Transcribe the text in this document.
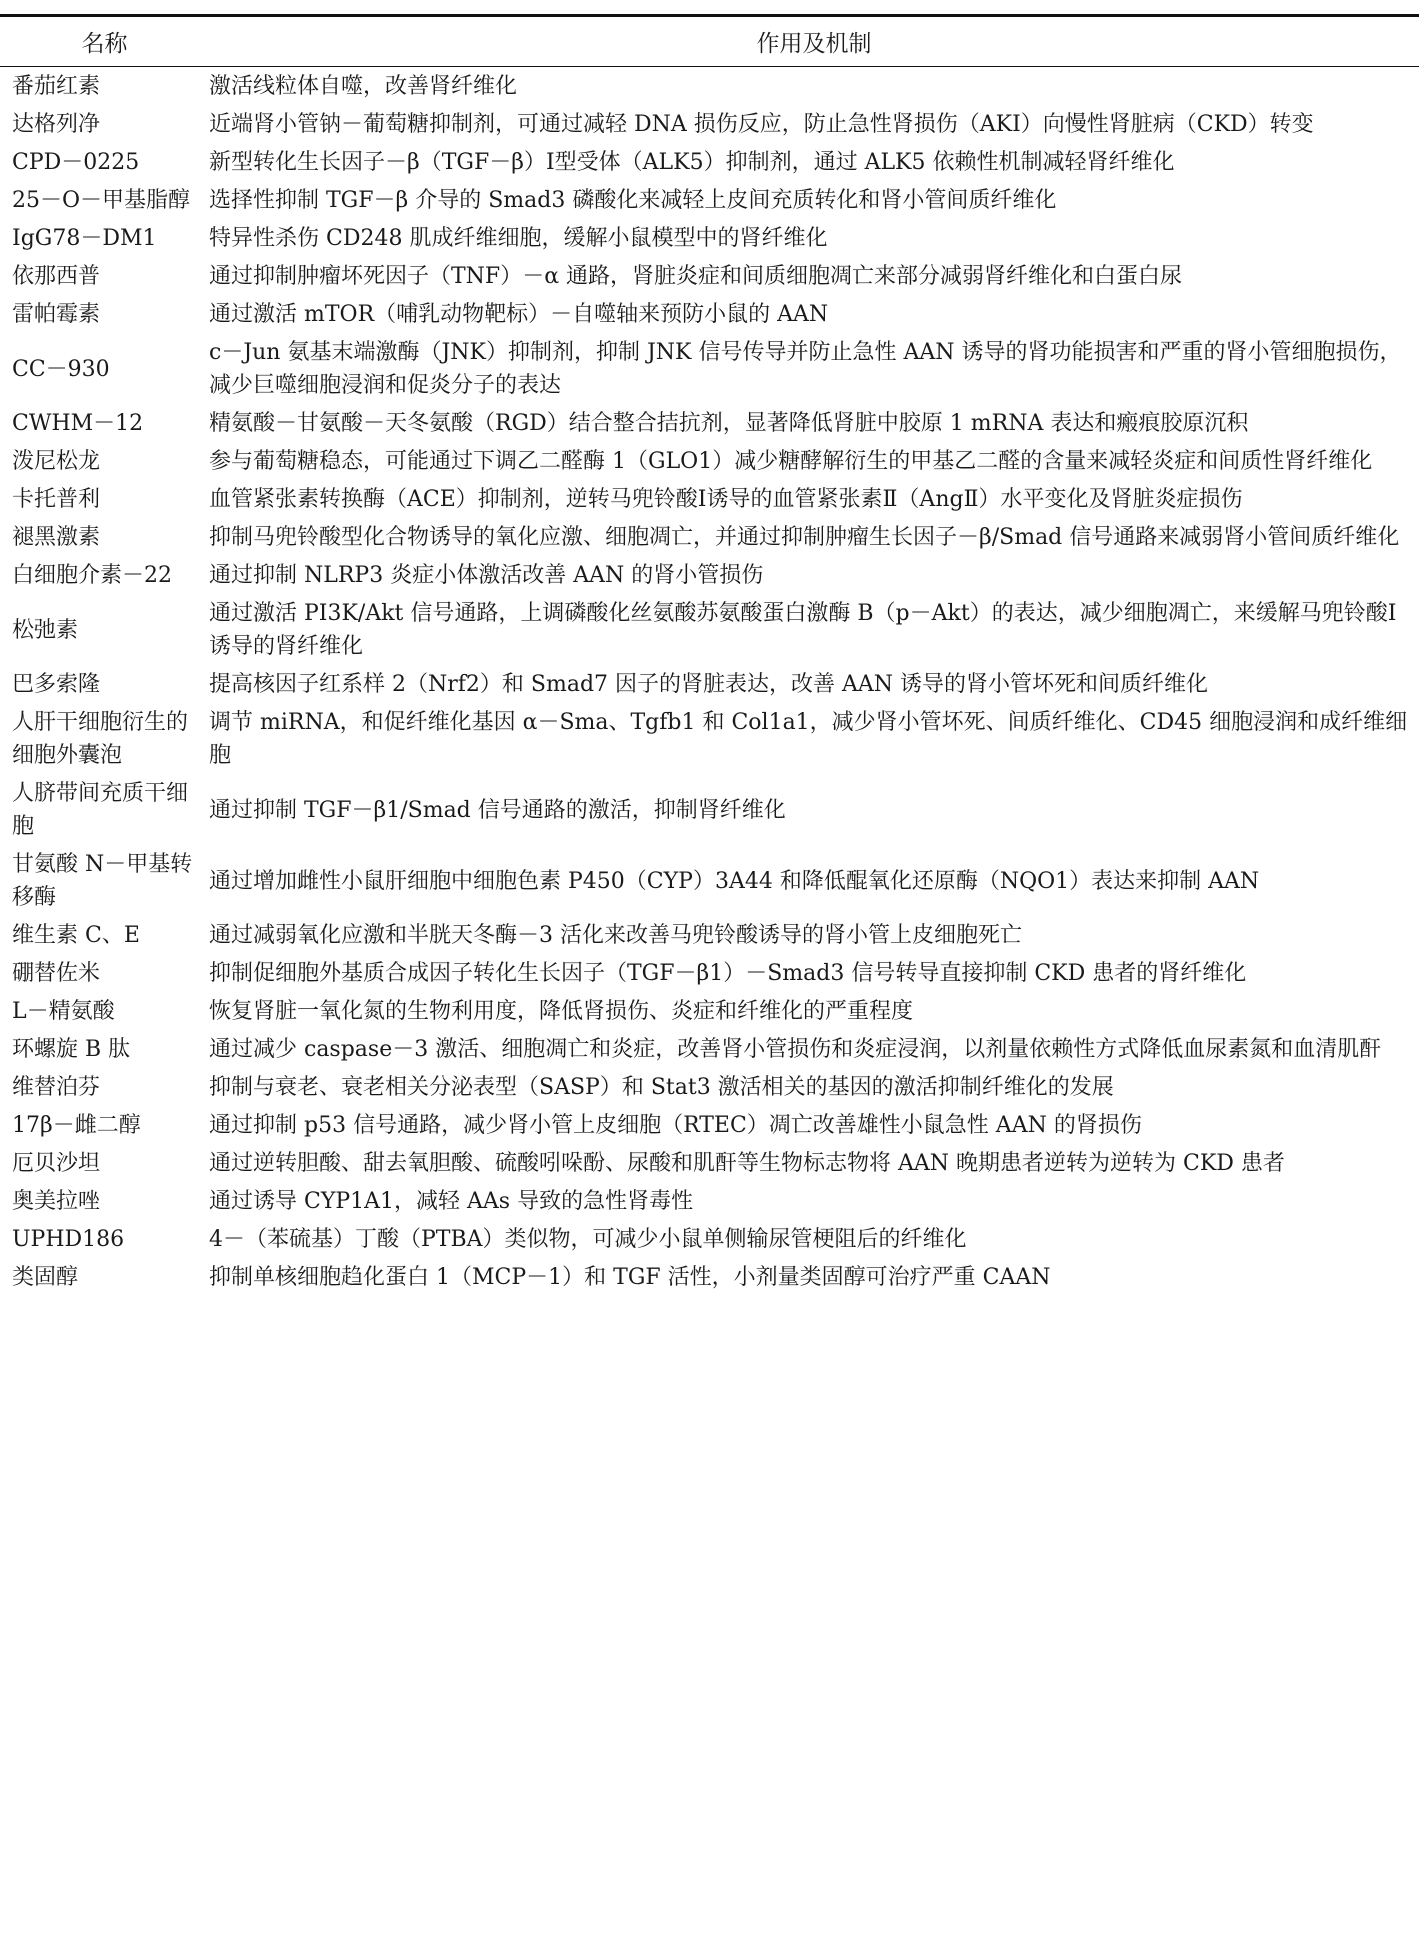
名称	作用及机制
番茄红素	激活线粒体自噬，改善肾纤维化
达格列净	近端肾小管钠－葡萄糖抑制剂，可通过减轻 DNA 损伤反应，防止急性肾损伤（AKI）向慢性肾脏病（CKD）转变
CPD－0225	新型转化生长因子－β（TGF－β）Ⅰ型受体（ALK5）抑制剂，通过 ALK5 依赖性机制减轻肾纤维化
25－O－甲基脂醇	选择性抑制 TGF－β 介导的 Smad3 磷酸化来减轻上皮间充质转化和肾小管间质纤维化
IgG78－DM1	特异性杀伤 CD248 肌成纤维细胞，缓解小鼠模型中的肾纤维化
依那西普	通过抑制肿瘤坏死因子（TNF）－α 通路，肾脏炎症和间质细胞凋亡来部分减弱肾纤维化和白蛋白尿
雷帕霉素	通过激活 mTOR（哺乳动物靶标）－自噬轴来预防小鼠的 AAN
CC－930	c－Jun 氨基末端激酶（JNK）抑制剂，抑制 JNK 信号传导并防止急性 AAN 诱导的肾功能损害和严重的肾小管细胞损伤，减少巨噬细胞浸润和促炎分子的表达
CWHM－12	精氨酸－甘氨酸－天冬氨酸（RGD）结合整合拮抗剂，显著降低肾脏中胶原 1 mRNA 表达和瘢痕胶原沉积
泼尼松龙	参与葡萄糖稳态，可能通过下调乙二醛酶 1（GLO1）减少糖酵解衍生的甲基乙二醛的含量来减轻炎症和间质性肾纤维化
卡托普利	血管紧张素转换酶（ACE）抑制剂，逆转马兜铃酸Ⅰ诱导的血管紧张素Ⅱ（AngⅡ）水平变化及肾脏炎症损伤
褪黑激素	抑制马兜铃酸型化合物诱导的氧化应激、细胞凋亡，并通过抑制肿瘤生长因子－β/Smad 信号通路来减弱肾小管间质纤维化
白细胞介素－22	通过抑制 NLRP3 炎症小体激活改善 AAN 的肾小管损伤
松弛素	通过激活 PI3K/Akt 信号通路，上调磷酸化丝氨酸苏氨酸蛋白激酶 B（p－Akt）的表达，减少细胞凋亡，来缓解马兜铃酸Ⅰ诱导的肾纤维化
巴多索隆	提高核因子红系样 2（Nrf2）和 Smad7 因子的肾脏表达，改善 AAN 诱导的肾小管坏死和间质纤维化
人肝干细胞衍生的细胞外囊泡	调节 miRNA，和促纤维化基因 α－Sma、Tgfb1 和 Col1a1，减少肾小管坏死、间质纤维化、CD45 细胞浸润和成纤维细胞
人脐带间充质干细胞	通过抑制 TGF－β1/Smad 信号通路的激活，抑制肾纤维化
甘氨酸 N－甲基转移酶	通过增加雌性小鼠肝细胞中细胞色素 P450（CYP）3A44 和降低醌氧化还原酶（NQO1）表达来抑制 AAN
维生素 C、E	通过减弱氧化应激和半胱天冬酶－3 活化来改善马兜铃酸诱导的肾小管上皮细胞死亡
硼替佐米	抑制促细胞外基质合成因子转化生长因子（TGF－β1）－Smad3 信号转导直接抑制 CKD 患者的肾纤维化
L－精氨酸	恢复肾脏一氧化氮的生物利用度，降低肾损伤、炎症和纤维化的严重程度
环螺旋 B 肽	通过减少 caspase－3 激活、细胞凋亡和炎症，改善肾小管损伤和炎症浸润，以剂量依赖性方式降低血尿素氮和血清肌酐
维替泊芬	抑制与衰老、衰老相关分泌表型（SASP）和 Stat3 激活相关的基因的激活抑制纤维化的发展
17β－雌二醇	通过抑制 p53 信号通路，减少肾小管上皮细胞（RTEC）凋亡改善雄性小鼠急性 AAN 的肾损伤
厄贝沙坦	通过逆转胆酸、甜去氧胆酸、硫酸吲哚酚、尿酸和肌酐等生物标志物将 AAN 晚期患者逆转为逆转为 CKD 患者
奥美拉唑	通过诱导 CYP1A1，减轻 AAs 导致的急性肾毒性
UPHD186	4－（苯硫基）丁酸（PTBA）类似物，可减少小鼠单侧输尿管梗阻后的纤维化
类固醇	抑制单核细胞趋化蛋白 1（MCP－1）和 TGF 活性，小剂量类固醇可治疗严重 CAAN
